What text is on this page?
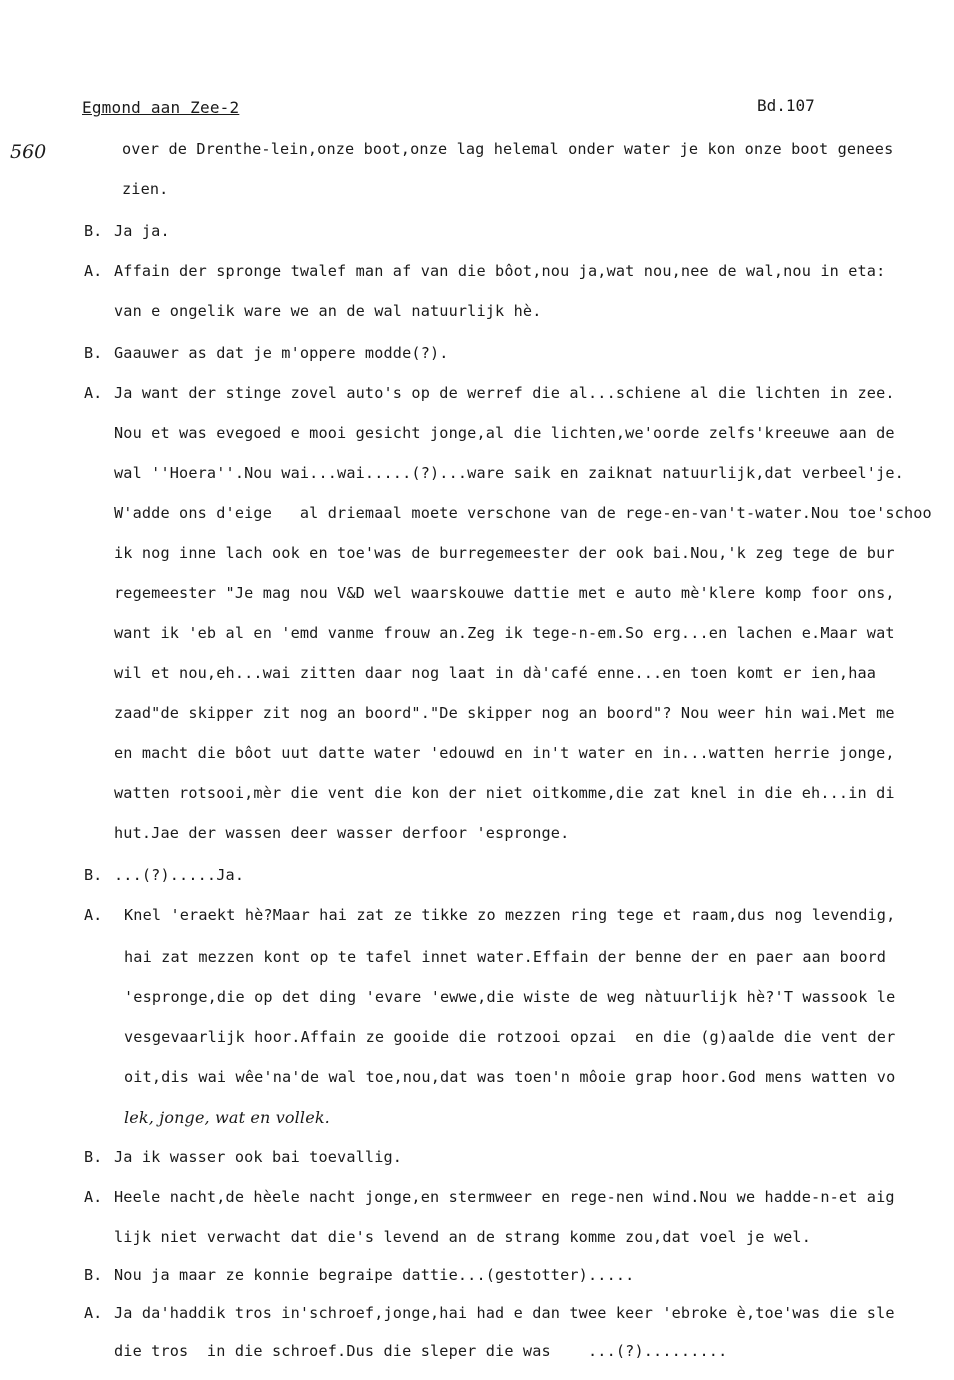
Egmond aan Zee-2	Bd.107
560	over de Drenthe-lein,onze boot,onze lag helemal onder water je kon onze boot genees
zien.
B. Ja ja.
A. Affain der spronge twalef man af van die bôot,nou ja,wat nou,nee de wal,nou in eta:
van e ongelik ware we an de wal natuurlijk hè.
B. Gaauwer as dat je m'oppere modde(?).
A. Ja want der stinge zovel auto's op de werref die al...schiene al die lichten in zee.
Nou et was evegoed e mooi gesicht jonge,al die lichten,we'oorde zelfs'kreeuwe aan de
wal ''Hoera''.Nou wai...wai.....(?)...ware saik en zaiknat natuurlijk,dat verbeel'je.
W'adde ons d'eige   al driemaal moete verschone van de rege-en-van't-water.Nou toe'schoo
ik nog inne lach ook en toe'was de burregemeester der ook bai.Nou,'k zeg tege de bur
regemeester "Je mag nou V&D wel waarskouwe dattie met e auto mè'klere komp foor ons,
want ik 'eb al en 'emd vanme frouw an.Zeg ik tege-n-em.So erg...en lachen e.Maar wat
wil et nou,eh...wai zitten daar nog laat in dà'café enne...en toen komt er ien,haa
zaad"de skipper zit nog an boord"."De skipper nog an boord"? Nou weer hin wai.Met me
en macht die bôot uut datte water 'edouwd en in't water en in...watten herrie jonge,
watten rotsooi,mèr die vent die kon der niet oitkomme,die zat knel in die eh...in di
hut.Jae der wassen deer wasser derfoor 'espronge.
B. ...(?).....Ja.
A. Knel 'eraekt hè?Maar hai zat ze tikke zo mezzen ring tege et raam,dus nog levendig,
hai zat mezzen kont op te tafel innet water.Effain der benne der en paer aan boord
'espronge,die op det ding 'evare 'ewwe,die wiste de weg nàtuurlijk hè?'T wassook le
vesgevaarlijk hoor.Affain ze gooide die rotzooi opzai  en die (g)aalde die vent der
oit,dis wai wêe'na'de wal toe,nou,dat was toen'n môoie grap hoor.God mens watten vo
lek, jonge, wat en vollek.
B. Ja ik wasser ook bai toevallig.
A. Heele nacht,de hèele nacht jonge,en stermweer en rege-nen wind.Nou we hadde-n-et aig
lijk niet verwacht dat die's levend an de strang komme zou,dat voel je wel.
B. Nou ja maar ze konnie begraipe dattie...(gestotter).....
A. Ja da'haddik tros in'schroef,jonge,hai had e dan twee keer 'ebroke è,toe'was die sle
die tros  in die schroef.Dus die sleper die was    ...(?).........
